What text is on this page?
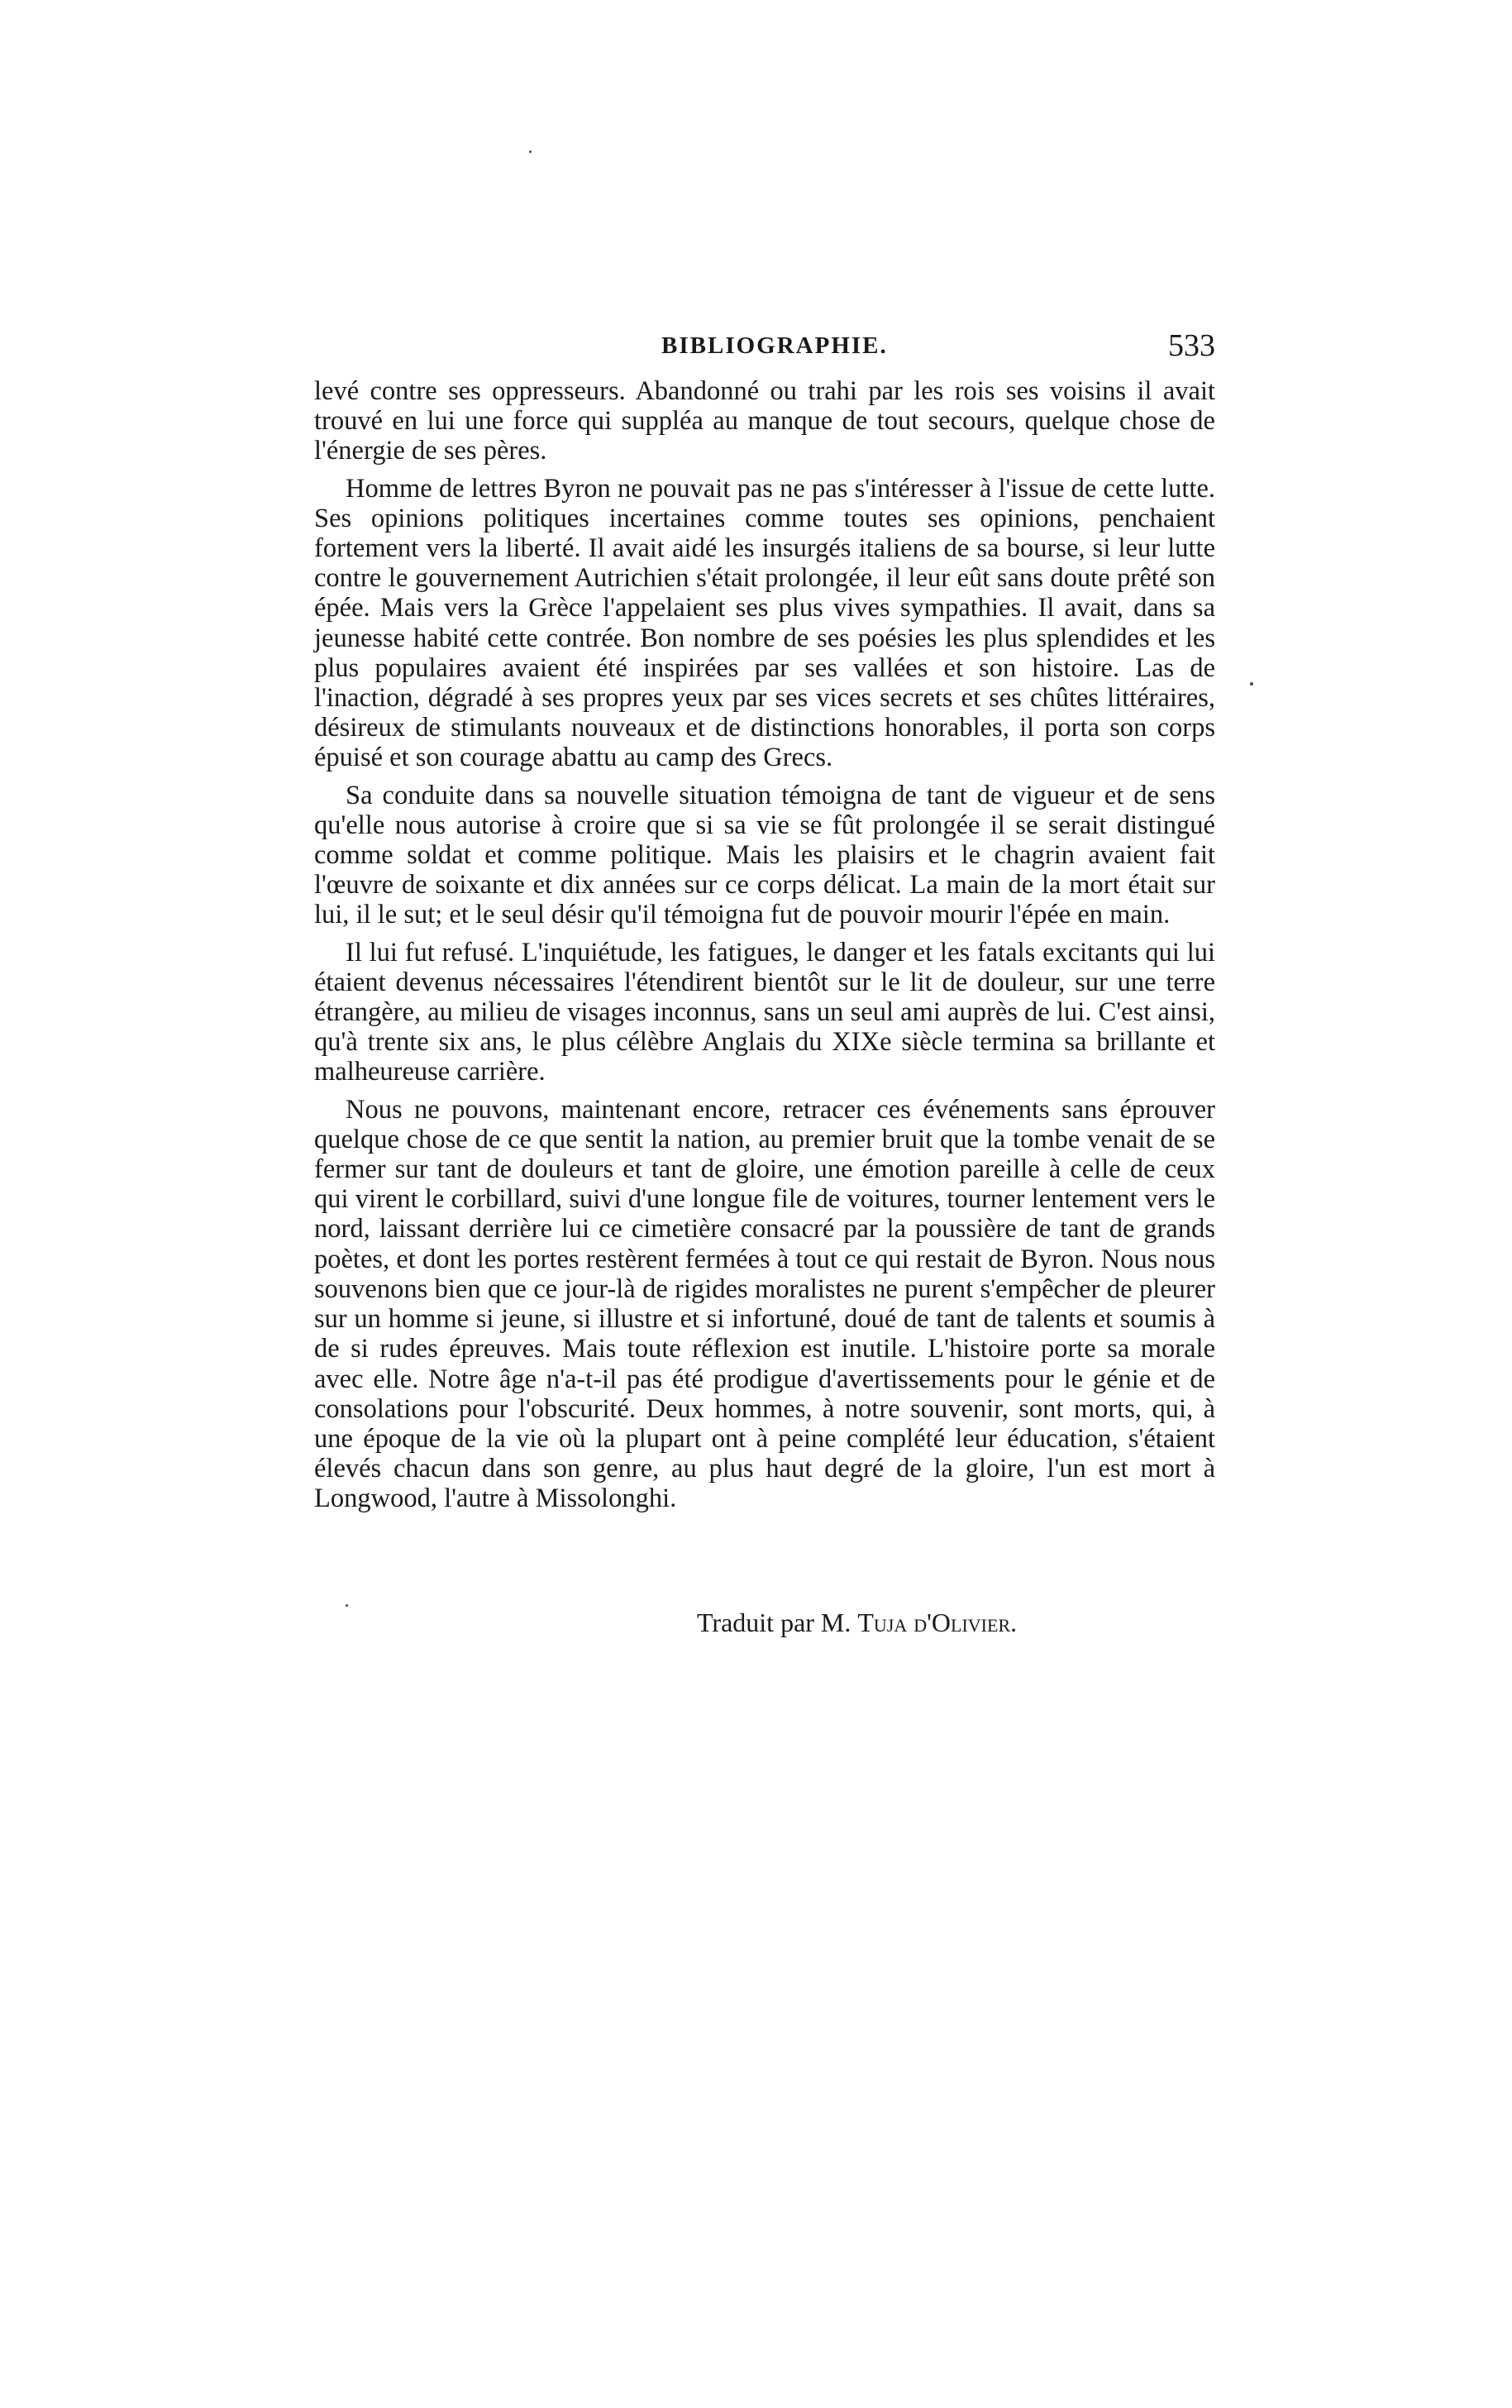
BIBLIOGRAPHIE.	533

levé contre ses oppresseurs. Abandonné ou trahi par les rois ses voisins il avait trouvé en lui une force qui suppléa au manque de tout secours, quelque chose de l'énergie de ses pères.

Homme de lettres Byron ne pouvait pas ne pas s'intéresser à l'issue de cette lutte. Ses opinions politiques incertaines comme toutes ses opinions, penchaient fortement vers la liberté. Il avait aidé les insurgés italiens de sa bourse, si leur lutte contre le gouvernement Autrichien s'était prolongée, il leur eût sans doute prêté son épée. Mais vers la Grèce l'appelaient ses plus vives sympathies. Il avait, dans sa jeunesse habité cette contrée. Bon nombre de ses poésies les plus splendides et les plus populaires avaient été inspirées par ses vallées et son histoire. Las de l'inaction, dégradé à ses propres yeux par ses vices secrets et ses chûtes littéraires, désireux de stimulants nouveaux et de distinctions honorables, il porta son corps épuisé et son courage abattu au camp des Grecs.

Sa conduite dans sa nouvelle situation témoigna de tant de vigueur et de sens qu'elle nous autorise à croire que si sa vie se fût prolongée il se serait distingué comme soldat et comme politique. Mais les plaisirs et le chagrin avaient fait l'œuvre de soixante et dix années sur ce corps délicat. La main de la mort était sur lui, il le sut; et le seul désir qu'il témoigna fut de pouvoir mourir l'épée en main.

Il lui fut refusé. L'inquiétude, les fatigues, le danger et les fatals excitants qui lui étaient devenus nécessaires l'étendirent bientôt sur le lit de douleur, sur une terre étrangère, au milieu de visages inconnus, sans un seul ami auprès de lui. C'est ainsi, qu'à trente six ans, le plus célèbre Anglais du XIXe siècle termina sa brillante et malheureuse carrière.

Nous ne pouvons, maintenant encore, retracer ces événements sans éprouver quelque chose de ce que sentit la nation, au premier bruit que la tombe venait de se fermer sur tant de douleurs et tant de gloire, une émotion pareille à celle de ceux qui virent le corbillard, suivi d'une longue file de voitures, tourner lentement vers le nord, laissant derrière lui ce cimetière consacré par la poussière de tant de grands poètes, et dont les portes restèrent fermées à tout ce qui restait de Byron. Nous nous souvenons bien que ce jour-là de rigides moralistes ne purent s'empêcher de pleurer sur un homme si jeune, si illustre et si infortuné, doué de tant de talents et soumis à de si rudes épreuves. Mais toute réflexion est inutile. L'histoire porte sa morale avec elle. Notre âge n'a-t-il pas été prodigue d'avertissements pour le génie et de consolations pour l'obscurité. Deux hommes, à notre souvenir, sont morts, qui, à une époque de la vie où la plupart ont à peine complété leur éducation, s'étaient élevés chacun dans son genre, au plus haut degré de la gloire, l'un est mort à Longwood, l'autre à Missolonghi.

Traduit par M. Tuja d'Olivier.
